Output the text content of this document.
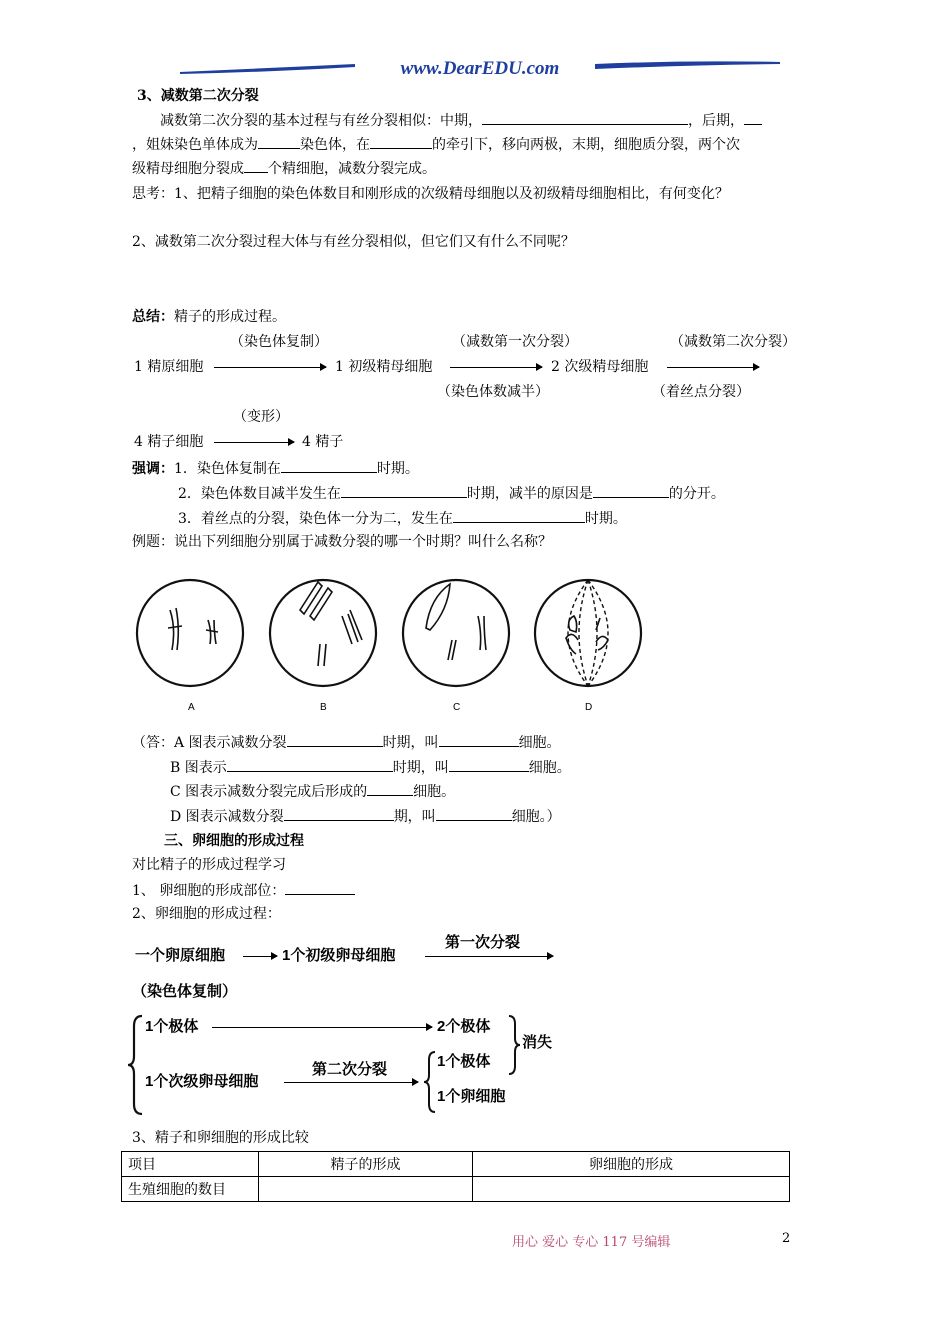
www.DearEDU.com
3、减数第二次分裂
减数第二次分裂的基本过程与有丝分裂相似：中期，	，后期，
，姐妹染色单体成为	染色体，在	的牵引下，移向两极，末期，细胞质分裂，两个次
级精母细胞分裂成 个精细胞，减数分裂完成。
思考：1、把精子细胞的染色体数目和刚形成的次级精母细胞以及初级精母细胞相比，有何变化？
2、减数第二次分裂过程大体与有丝分裂相似，但它们又有什么不同呢？
总结：精子的形成过程。
（染色体复制）	（减数第一次分裂）	（减数第二次分裂）
1 精原细胞	1 初级精母细胞	2 次级精母细胞
（染色体数减半）	（着丝点分裂）
（变形）
4 精子细胞	4 精子
强调：1．染色体复制在	时期。
2．染色体数目减半发生在	时期，减半的原因是	的分开。
3．着丝点的分裂，染色体一分为二，发生在	时期。
例题：说出下列细胞分别属于减数分裂的哪一个时期？叫什么名称？
A	B	C	D
（答：A 图表示减数分裂	时期，叫	细胞。
B 图表示	时期，叫	细胞。
C 图表示减数分裂完成后形成的	细胞。
D 图表示减数分裂	期，叫	细胞。）
三、卵细胞的形成过程
对比精子的形成过程学习
1、 卵细胞的形成部位：
2、卵细胞的形成过程：
一个卵原细胞	1个初级卵母细胞
第一次分裂
（染色体复制）
1个极体	2个极体
消失
1个次级卵母细胞
第二次分裂	1个极体
1个卵细胞
3、精子和卵细胞的形成比较
项目	精子的形成	卵细胞的形成
生殖细胞的数目		
用心 爱心 专心 117 号编辑	2
